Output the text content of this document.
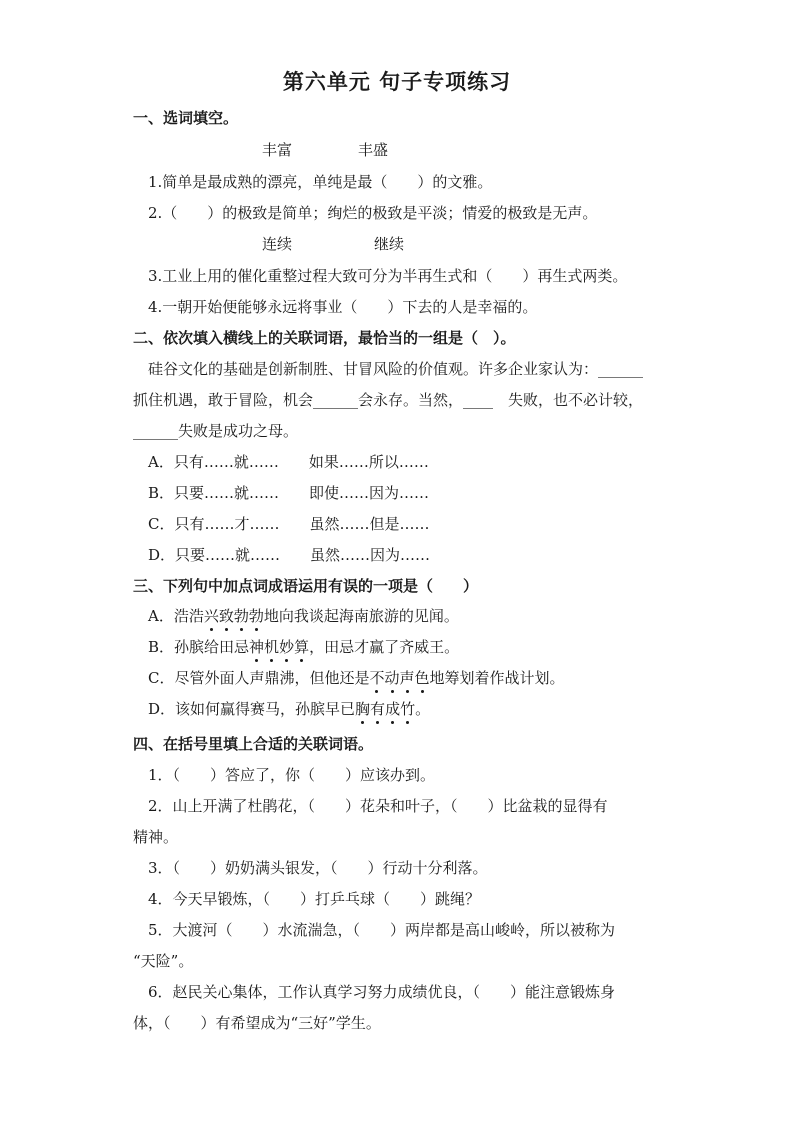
第六单元 句子专项练习
一、选词填空。
丰富	丰盛
1.简单是最成熟的漂亮，单纯是最（　　）的文雅。
2.（　　）的极致是简单；绚烂的极致是平淡；情爱的极致是无声。
连续	继续
3.工业上用的催化重整过程大致可分为半再生式和（　　）再生式两类。
4.一朝开始便能够永远将事业（　　）下去的人是幸福的。
二、依次填入横线上的关联词语，最恰当的一组是（　）。
硅谷文化的基础是创新制胜、甘冒风险的价值观。许多企业家认为：______
抓住机遇，敢于冒险，机会______会永存。当然，____　失败，也不必计较，
______失败是成功之母。
A．只有……就……　　如果……所以……
B．只要……就……　　即使……因为……
C．只有……才……　　虽然……但是……
D．只要……就……　　虽然……因为……
三、下列句中加点词成语运用有误的一项是（　　）
A．浩浩兴致勃勃地向我谈起海南旅游的见闻。
B．孙膑给田忌神机妙算，田忌才赢了齐威王。
C．尽管外面人声鼎沸，但他还是不动声色地筹划着作战计划。
D．该如何赢得赛马，孙膑早已胸有成竹。
四、在括号里填上合适的关联词语。
1．（　　）答应了，你（　　）应该办到。
2．山上开满了杜鹃花，（　　）花朵和叶子，（　　）比盆栽的显得有
精神。
3．（　　）奶奶满头银发，（　　）行动十分利落。
4．今天早锻炼，（　　）打乒乓球（　　）跳绳？
5．大渡河（　　）水流湍急，（　　）两岸都是高山峻岭，所以被称为
“天险”。
6．赵民关心集体，工作认真学习努力成绩优良，（　　）能注意锻炼身
体，（　　）有希望成为“三好”学生。
